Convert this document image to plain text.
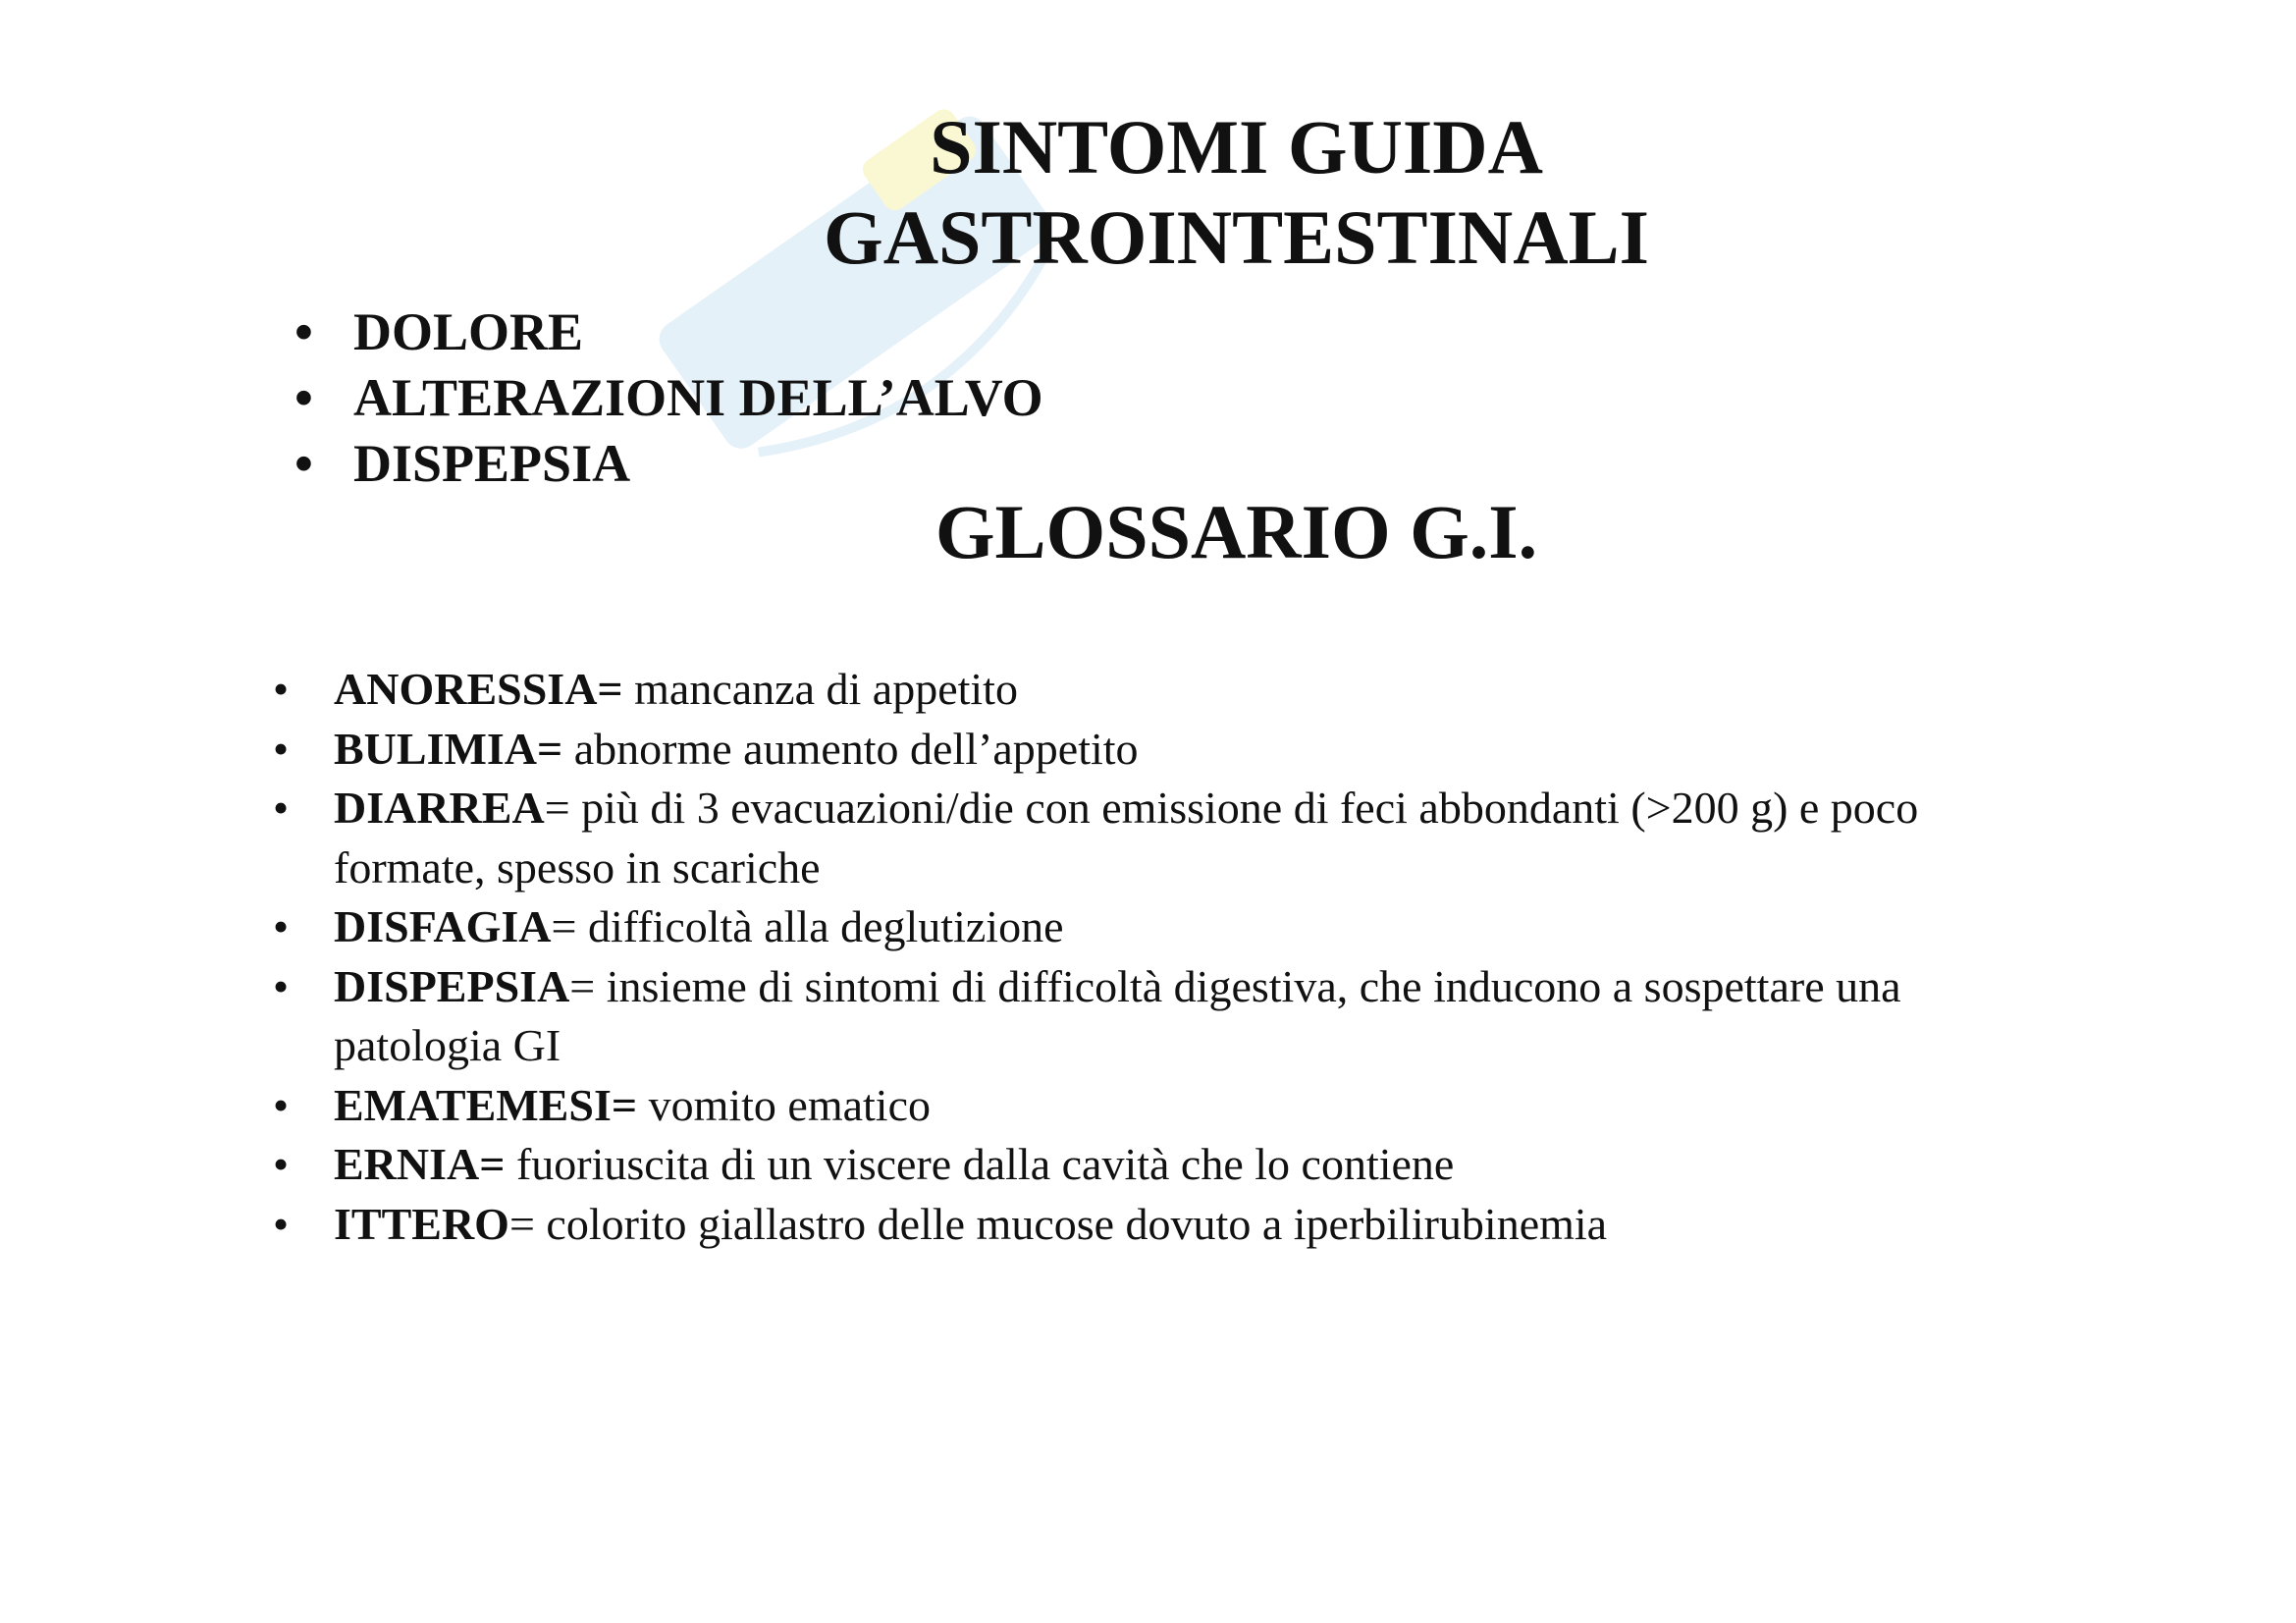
SINTOMI GUIDA
GASTROINTESTINALI
• DOLORE
• ALTERAZIONI DELL’ALVO
• DISPEPSIA
GLOSSARIO G.I.
• ANORESSIA= mancanza di appetito
• BULIMIA= abnorme aumento dell’appetito
• DIARREA= più di 3 evacuazioni/die con emissione di feci abbondanti (>200 g) e poco formate, spesso in scariche
• DISFAGIA= difficoltà alla deglutizione
• DISPEPSIA= insieme di sintomi di difficoltà digestiva, che inducono a sospettare una patologia GI
• EMATEMESI= vomito ematico
• ERNIA= fuoriuscita di un viscere dalla cavità che lo contiene
• ITTERO= colorito giallastro delle mucose dovuto a iperbilirubinemia
